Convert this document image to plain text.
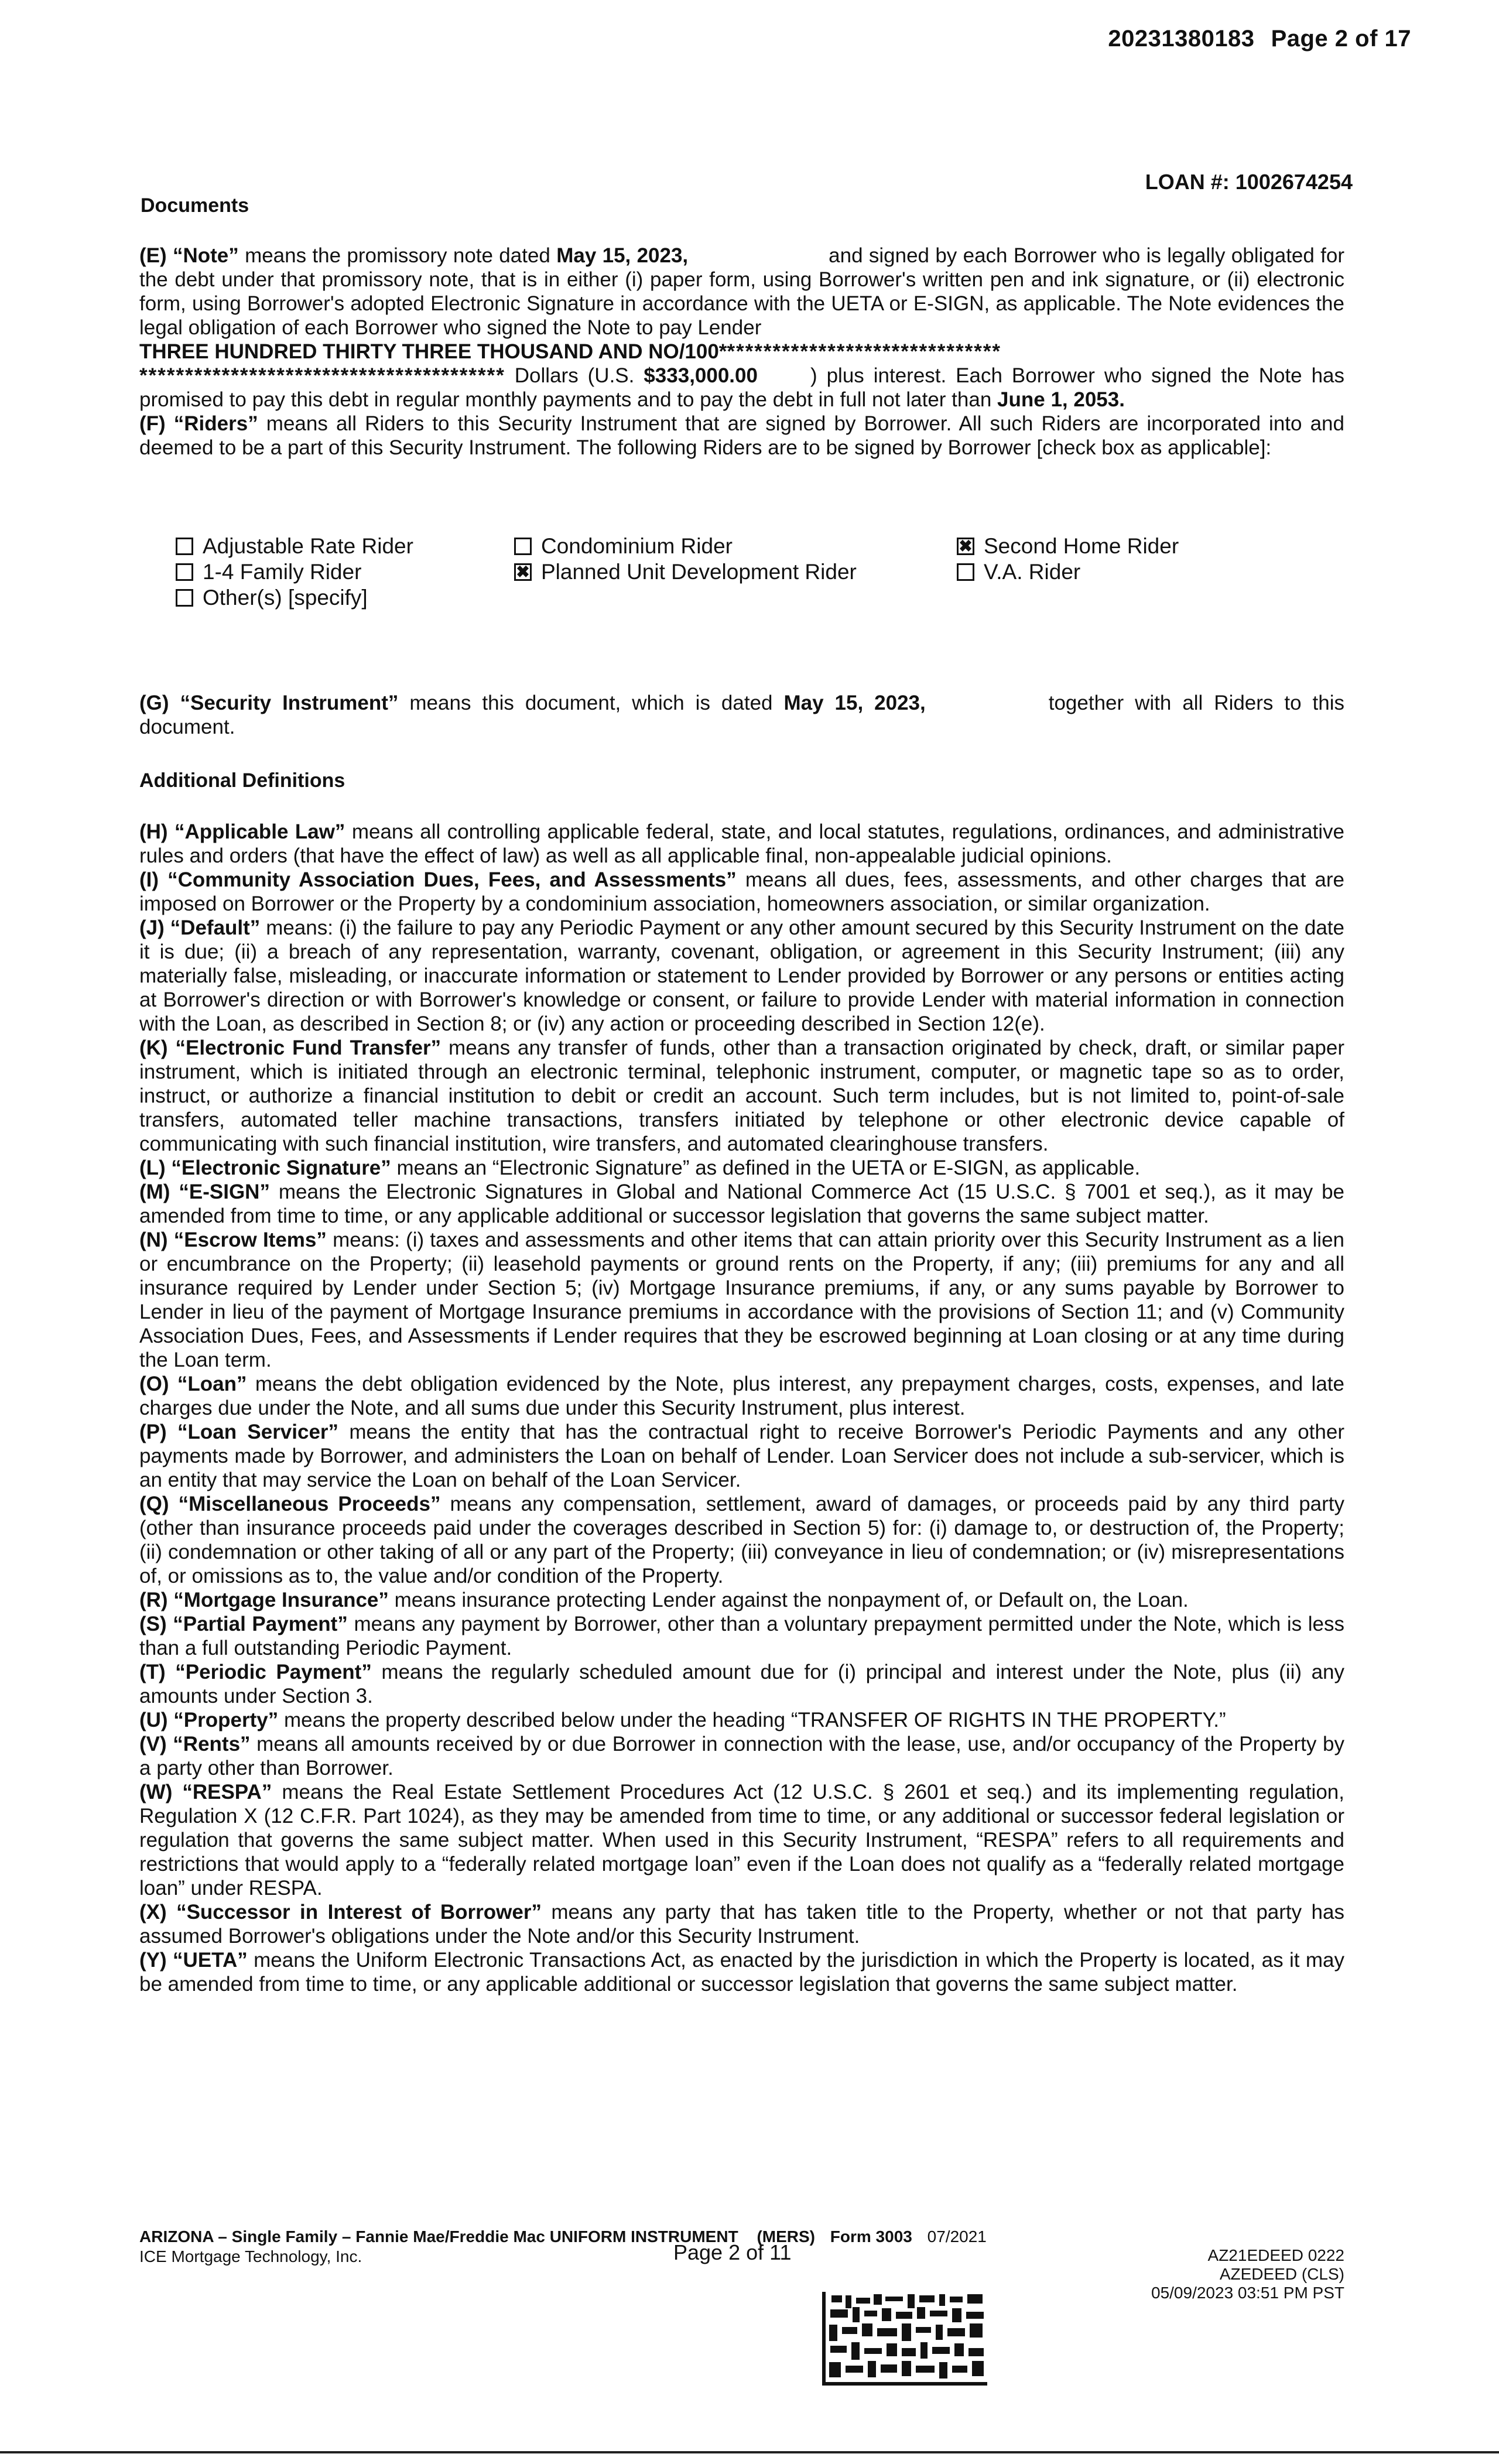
20231380183 Page 2 of 17
LOAN #: 1002674254
Documents

(E) “Note” means the promissory note dated May 15, 2023,	and signed by each Borrower who is legally obligated for the debt under that promissory note, that is in either (i) paper form, using Borrower's written pen and ink signature, or (ii) electronic form, using Borrower's adopted Electronic Signature in accordance with the UETA or E-SIGN, as applicable. The Note evidences the legal obligation of each Borrower who signed the Note to pay Lender
THREE HUNDRED THIRTY THREE THOUSAND AND NO/100*******************************
**************************************** Dollars (U.S. $333,000.00	) plus interest. Each Borrower who signed the Note has promised to pay this debt in regular monthly payments and to pay the debt in full not later than June 1, 2053.

(F) “Riders” means all Riders to this Security Instrument that are signed by Borrower. All such Riders are incorporated into and deemed to be a part of this Security Instrument. The following Riders are to be signed by Borrower [check box as applicable]:

Adjustable Rate Rider	Condominium Rider	✖ Second Home Rider
1-4 Family Rider	✖ Planned Unit Development Rider	V.A. Rider
Other(s) [specify]

(G) “Security Instrument” means this document, which is dated May 15, 2023,	together with all Riders to this document.

Additional Definitions

(H) “Applicable Law” means all controlling applicable federal, state, and local statutes, regulations, ordinances, and administrative rules and orders (that have the effect of law) as well as all applicable final, non-appealable judicial opinions.

(I) “Community Association Dues, Fees, and Assessments” means all dues, fees, assessments, and other charges that are imposed on Borrower or the Property by a condominium association, homeowners association, or similar organization.

(J) “Default” means: (i) the failure to pay any Periodic Payment or any other amount secured by this Security Instrument on the date it is due; (ii) a breach of any representation, warranty, covenant, obligation, or agreement in this Security Instrument; (iii) any materially false, misleading, or inaccurate information or statement to Lender provided by Borrower or any persons or entities acting at Borrower's direction or with Borrower's knowledge or consent, or failure to provide Lender with material information in connection with the Loan, as described in Section 8; or (iv) any action or proceeding described in Section 12(e).

(K) “Electronic Fund Transfer” means any transfer of funds, other than a transaction originated by check, draft, or similar paper instrument, which is initiated through an electronic terminal, telephonic instrument, computer, or magnetic tape so as to order, instruct, or authorize a financial institution to debit or credit an account. Such term includes, but is not limited to, point-of-sale transfers, automated teller machine transactions, transfers initiated by telephone or other electronic device capable of communicating with such financial institution, wire transfers, and automated clearinghouse transfers.

(L) “Electronic Signature” means an “Electronic Signature” as defined in the UETA or E-SIGN, as applicable.

(M) “E-SIGN” means the Electronic Signatures in Global and National Commerce Act (15 U.S.C. § 7001 et seq.), as it may be amended from time to time, or any applicable additional or successor legislation that governs the same subject matter.

(N) “Escrow Items” means: (i) taxes and assessments and other items that can attain priority over this Security Instrument as a lien or encumbrance on the Property; (ii) leasehold payments or ground rents on the Property, if any; (iii) premiums for any and all insurance required by Lender under Section 5; (iv) Mortgage Insurance premiums, if any, or any sums payable by Borrower to Lender in lieu of the payment of Mortgage Insurance premiums in accordance with the provisions of Section 11; and (v) Community Association Dues, Fees, and Assessments if Lender requires that they be escrowed beginning at Loan closing or at any time during the Loan term.

(O) “Loan” means the debt obligation evidenced by the Note, plus interest, any prepayment charges, costs, expenses, and late charges due under the Note, and all sums due under this Security Instrument, plus interest.

(P) “Loan Servicer” means the entity that has the contractual right to receive Borrower's Periodic Payments and any other payments made by Borrower, and administers the Loan on behalf of Lender. Loan Servicer does not include a sub-servicer, which is an entity that may service the Loan on behalf of the Loan Servicer.

(Q) “Miscellaneous Proceeds” means any compensation, settlement, award of damages, or proceeds paid by any third party (other than insurance proceeds paid under the coverages described in Section 5) for: (i) damage to, or destruction of, the Property; (ii) condemnation or other taking of all or any part of the Property; (iii) conveyance in lieu of condemnation; or (iv) misrepresentations of, or omissions as to, the value and/or condition of the Property.

(R) “Mortgage Insurance” means insurance protecting Lender against the nonpayment of, or Default on, the Loan.

(S) “Partial Payment” means any payment by Borrower, other than a voluntary prepayment permitted under the Note, which is less than a full outstanding Periodic Payment.

(T) “Periodic Payment” means the regularly scheduled amount due for (i) principal and interest under the Note, plus (ii) any amounts under Section 3.

(U) “Property” means the property described below under the heading “TRANSFER OF RIGHTS IN THE PROPERTY.”

(V) “Rents” means all amounts received by or due Borrower in connection with the lease, use, and/or occupancy of the Property by a party other than Borrower.

(W) “RESPA” means the Real Estate Settlement Procedures Act (12 U.S.C. § 2601 et seq.) and its implementing regulation, Regulation X (12 C.F.R. Part 1024), as they may be amended from time to time, or any additional or successor federal legislation or regulation that governs the same subject matter. When used in this Security Instrument, “RESPA” refers to all requirements and restrictions that would apply to a “federally related mortgage loan” even if the Loan does not qualify as a “federally related mortgage loan” under RESPA.

(X) “Successor in Interest of Borrower” means any party that has taken title to the Property, whether or not that party has assumed Borrower's obligations under the Note and/or this Security Instrument.

(Y) “UETA” means the Uniform Electronic Transactions Act, as enacted by the jurisdiction in which the Property is located, as it may be amended from time to time, or any applicable additional or successor legislation that governs the same subject matter.

ARIZONA – Single Family – Fannie Mae/Freddie Mac UNIFORM INSTRUMENT (MERS) Form 3003 07/2021
ICE Mortgage Technology, Inc.	Page 2 of 11	AZ21EDEED 0222
AZEDEED (CLS)
05/09/2023 03:51 PM PST
